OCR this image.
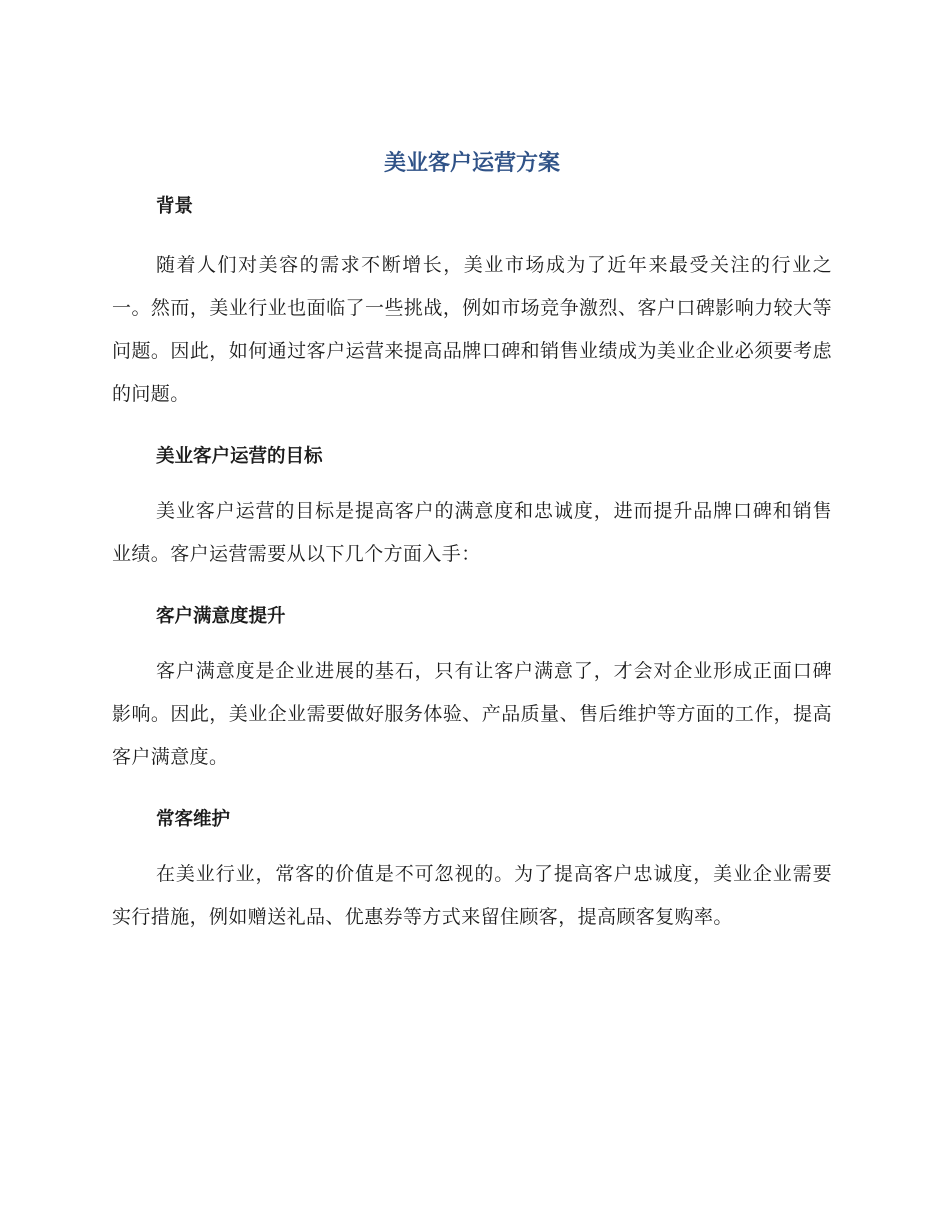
美业客户运营方案
背景

随着人们对美容的需求不断增长，美业市场成为了近年来最受关注的行业之一。然而，美业行业也面临了一些挑战，例如市场竞争激烈、客户口碑影响力较大等问题。因此，如何通过客户运营来提高品牌口碑和销售业绩成为美业企业必须要考虑的问题。

美业客户运营的目标

美业客户运营的目标是提高客户的满意度和忠诚度，进而提升品牌口碑和销售业绩。客户运营需要从以下几个方面入手：

客户满意度提升

客户满意度是企业进展的基石，只有让客户满意了，才会对企业形成正面口碑影响。因此，美业企业需要做好服务体验、产品质量、售后维护等方面的工作，提高客户满意度。

常客维护

在美业行业，常客的价值是不可忽视的。为了提高客户忠诚度，美业企业需要实行措施，例如赠送礼品、优惠券等方式来留住顾客，提高顾客复购率。
